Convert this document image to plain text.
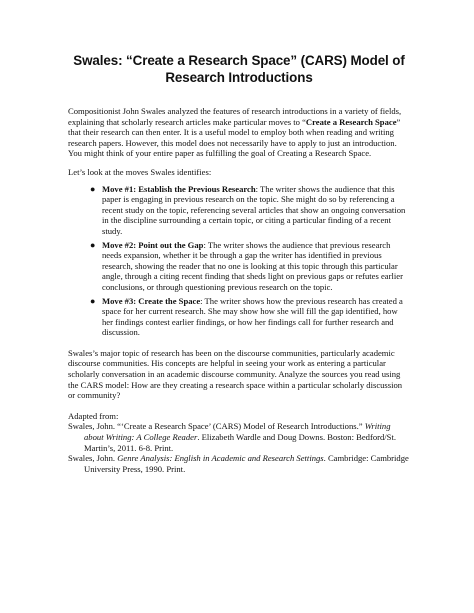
Swales: “Create a Research Space” (CARS) Model of
Research Introductions

Compositionist John Swales analyzed the features of research introductions in a variety of fields, explaining that scholarly research articles make particular moves to “Create a Research Space” that their research can then enter. It is a useful model to employ both when reading and writing research papers. However, this model does not necessarily have to apply to just an introduction. You might think of your entire paper as fulfilling the goal of Creating a Research Space.

Let’s look at the moves Swales identifies:

● Move #1: Establish the Previous Research: The writer shows the audience that this paper is engaging in previous research on the topic. She might do so by referencing a recent study on the topic, referencing several articles that show an ongoing conversation in the discipline surrounding a certain topic, or citing a particular finding of a recent study.
● Move #2: Point out the Gap: The writer shows the audience that previous research needs expansion, whether it be through a gap the writer has identified in previous research, showing the reader that no one is looking at this topic through this particular angle, through a citing recent finding that sheds light on previous gaps or refutes earlier conclusions, or through questioning previous research on the topic.
● Move #3: Create the Space: The writer shows how the previous research has created a space for her current research. She may show how she will fill the gap identified, how her findings contest earlier findings, or how her findings call for further research and discussion.

Swales’s major topic of research has been on the discourse communities, particularly academic discourse communities. His concepts are helpful in seeing your work as entering a particular scholarly conversation in an academic discourse community. Analyze the sources you read using the CARS model: How are they creating a research space within a particular scholarly discussion or community?

Adapted from:

Swales, John. “‘Create a Research Space’ (CARS) Model of Research Introductions.” Writing about Writing: A College Reader. Elizabeth Wardle and Doug Downs. Boston: Bedford/St. Martin’s, 2011. 6-8. Print.

Swales, John. Genre Analysis: English in Academic and Research Settings. Cambridge: Cambridge University Press, 1990. Print.
